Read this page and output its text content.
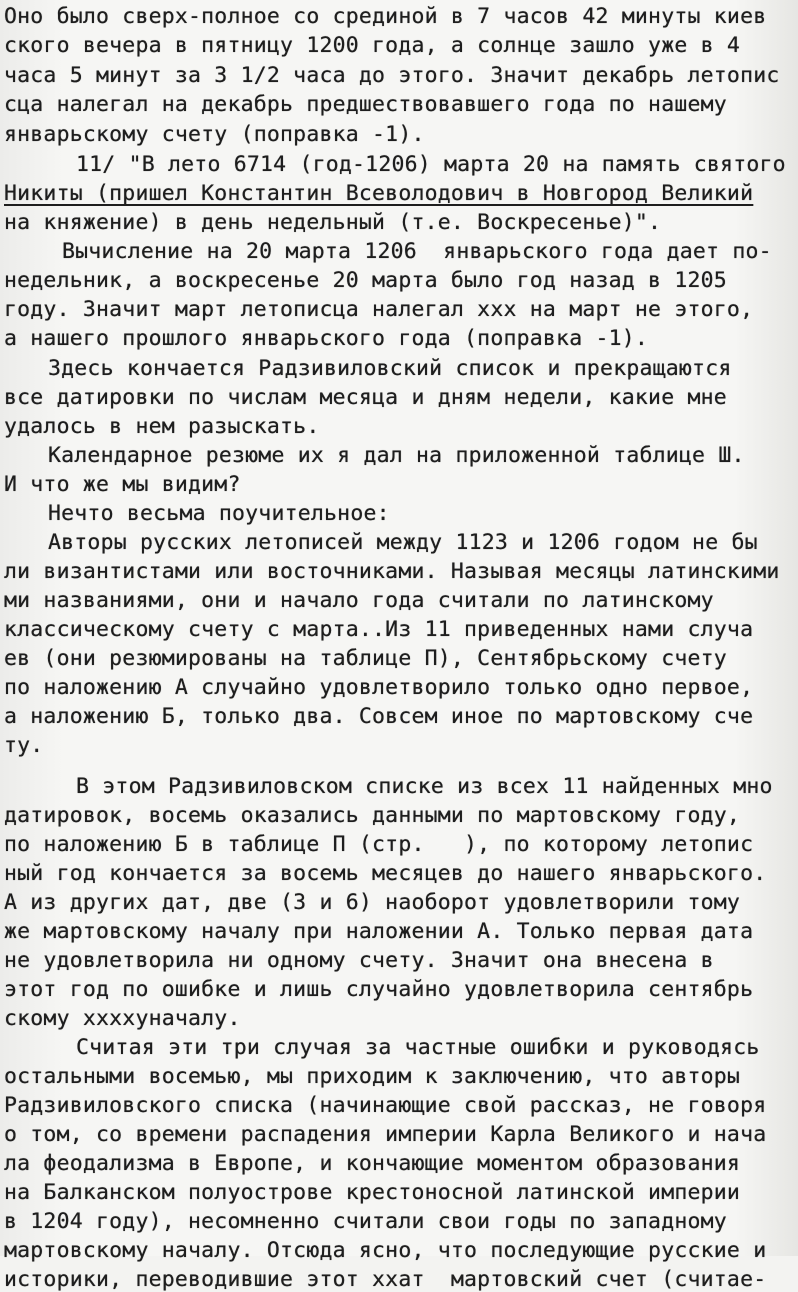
Оно было сверх-полное со срединой в 7 часов 42 минуты киев
ского вечера в пятницу 1200 года, а солнце зашло уже в 4
часа 5 минут за 3 1/2 часа до этого. Значит декабрь летопис
сца налегал на декабрь предшествовавшего года по нашему
январьскому счету (поправка -1).
11/ "В лето 6714 (год-1206) марта 20 на память святого
Никиты (пришел Константин Всеволодович в Новгород Великий
на княжение) в день недельный (т.е. Воскресенье)".
Вычисление на 20 марта 1206  январьского года дает по-
недельник, а воскресенье 20 марта было год назад в 1205
году. Значит март летописца налегал ххх на март не этого,
а нашего прошлого январьского года (поправка -1).
Здесь кончается Радзивиловский список и прекращаются
все датировки по числам месяца и дням недели, какие мне
удалось в нем разыскать.
Календарное резюме их я дал на приложенной таблице Ш.
И что же мы видим?
Нечто весьма поучительное:
Авторы русских летописей между 1123 и 1206 годом не бы
ли византистами или восточниками. Называя месяцы латинскими
ми названиями, они и начало года считали по латинскому
классическому счету с марта..Из 11 приведенных нами случа
ев (они резюмированы на таблице П), Сентябрьскому счету
по наложению А случайно удовлетворило только одно первое,
а наложению Б, только два. Совсем иное по мартовскому сче
ту.
В этом Радзивиловском списке из всех 11 найденных мно
датировок, восемь оказались данными по мартовскому году,
по наложению Б в таблице П (стр.   ), по которому летопис
ный год кончается за восемь месяцев до нашего январьского.
А из других дат, две (3 и 6) наоборот удовлетворили тому
же мартовскому началу при наложении А. Только первая дата
не удовлетворила ни одному счету. Значит она внесена в
этот год по ошибке и лишь случайно удовлетворила сентябрь
скому ххххуначалу.
Считая эти три случая за частные ошибки и руководясь
остальными восемью, мы приходим к заключению, что авторы
Радзивиловского списка (начинающие свой рассказ, не говоря
о том, со времени распадения империи Карла Великого и нача
ла феодализма в Европе, и кончающие моментом образования
на Балканском полуострове крестоносной латинской империи
в 1204 году), несомненно считали свои годы по западному
мартовскому началу. Отсюда ясно, что последующие русские и
историки, переводившие этот ххат  мартовский счет (считае-
